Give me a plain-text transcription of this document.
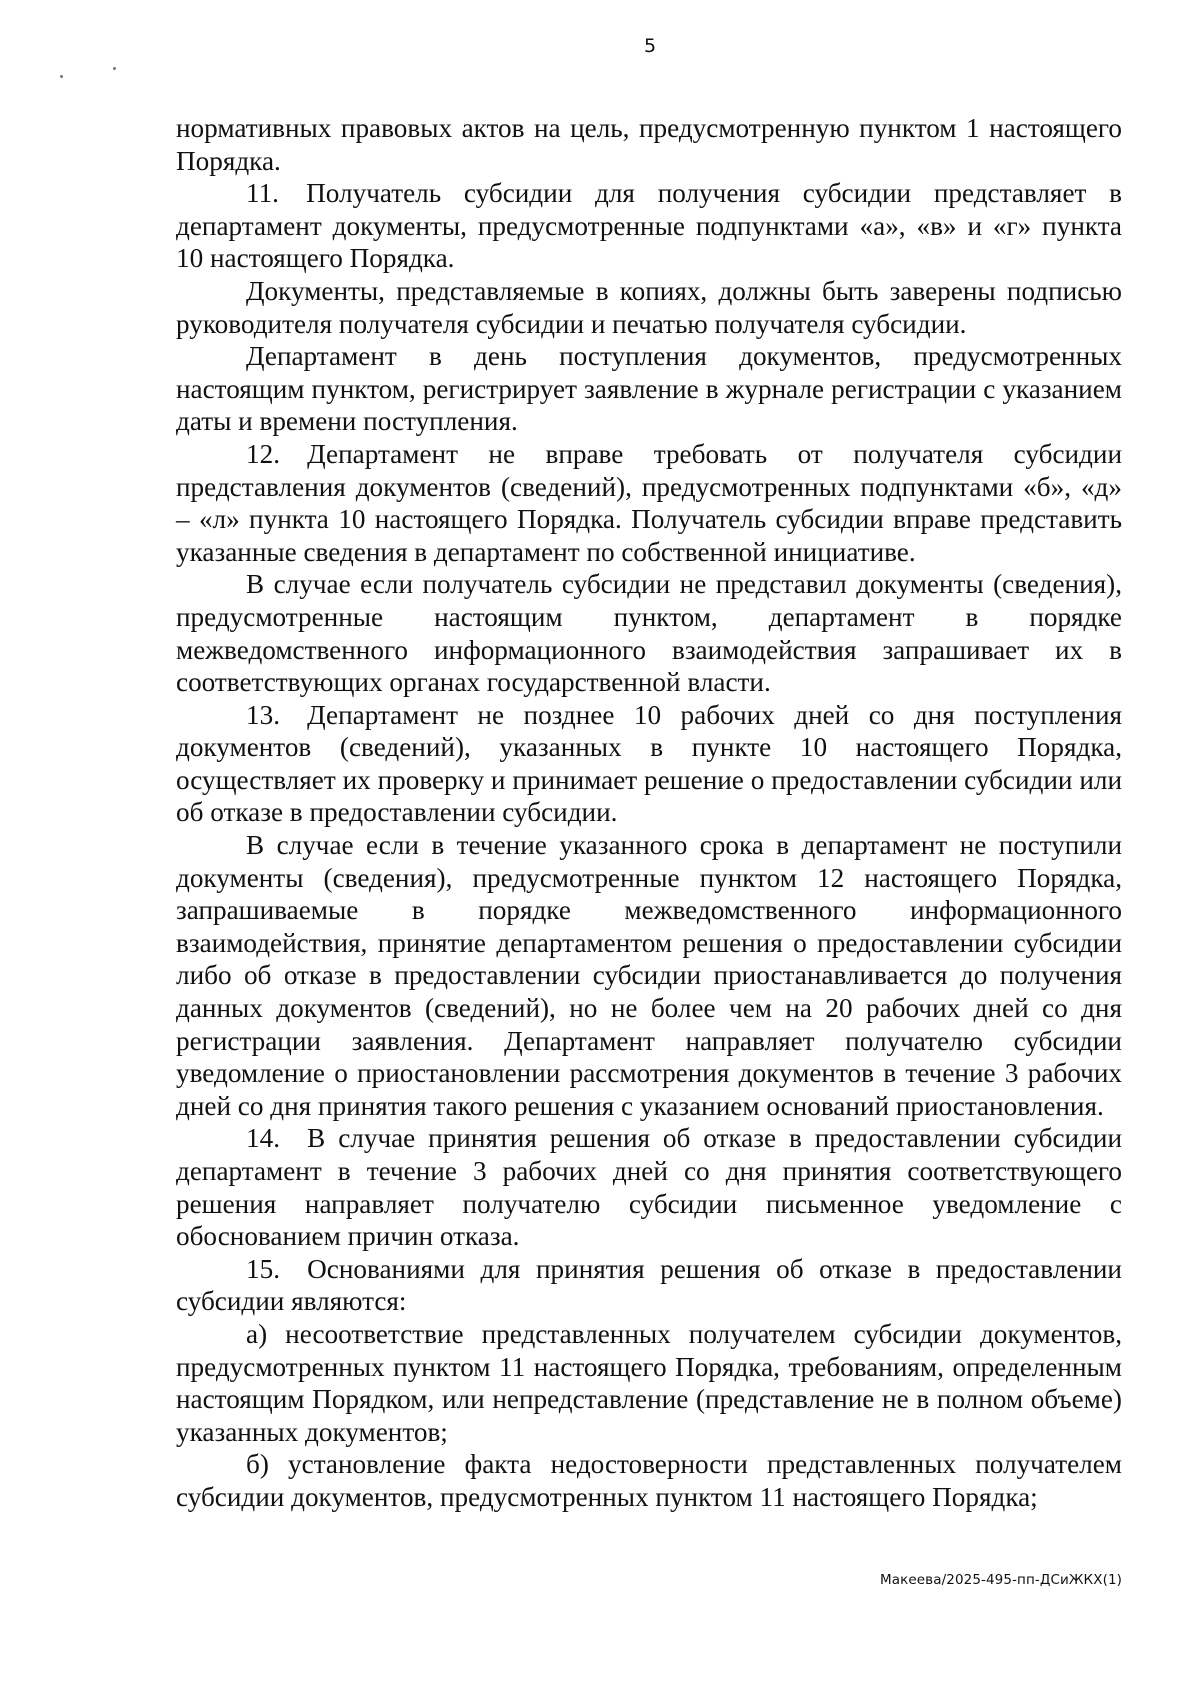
5

нормативных правовых актов на цель, предусмотренную пунктом 1 настоящего Порядка.

11. Получатель субсидии для получения субсидии представляет в департамент документы, предусмотренные подпунктами «а», «в» и «г» пункта 10 настоящего Порядка.

Документы, представляемые в копиях, должны быть заверены подписью руководителя получателя субсидии и печатью получателя субсидии.

Департамент в день поступления документов, предусмотренных настоящим пунктом, регистрирует заявление в журнале регистрации с указанием даты и времени поступления.

12. Департамент не вправе требовать от получателя субсидии представления документов (сведений), предусмотренных подпунктами «б», «д» – «л» пункта 10 настоящего Порядка. Получатель субсидии вправе представить указанные сведения в департамент по собственной инициативе.

В случае если получатель субсидии не представил документы (сведения), предусмотренные настоящим пунктом, департамент в порядке межведомственного информационного взаимодействия запрашивает их в соответствующих органах государственной власти.

13. Департамент не позднее 10 рабочих дней со дня поступления документов (сведений), указанных в пункте 10 настоящего Порядка, осуществляет их проверку и принимает решение о предоставлении субсидии или об отказе в предоставлении субсидии.

В случае если в течение указанного срока в департамент не поступили документы (сведения), предусмотренные пунктом 12 настоящего Порядка, запрашиваемые в порядке межведомственного информационного взаимодействия, принятие департаментом решения о предоставлении субсидии либо об отказе в предоставлении субсидии приостанавливается до получения данных документов (сведений), но не более чем на 20 рабочих дней со дня регистрации заявления. Департамент направляет получателю субсидии уведомление о приостановлении рассмотрения документов в течение 3 рабочих дней со дня принятия такого решения с указанием оснований приостановления.

14. В случае принятия решения об отказе в предоставлении субсидии департамент в течение 3 рабочих дней со дня принятия соответствующего решения направляет получателю субсидии письменное уведомление с обоснованием причин отказа.

15. Основаниями для принятия решения об отказе в предоставлении субсидии являются:

а) несоответствие представленных получателем субсидии документов, предусмотренных пунктом 11 настоящего Порядка, требованиям, определенным настоящим Порядком, или непредставление (представление не в полном объеме) указанных документов;

б) установление факта недостоверности представленных получателем субсидии документов, предусмотренных пунктом 11 настоящего Порядка;

Макеева/2025-495-пп-ДСиЖКХ(1)
